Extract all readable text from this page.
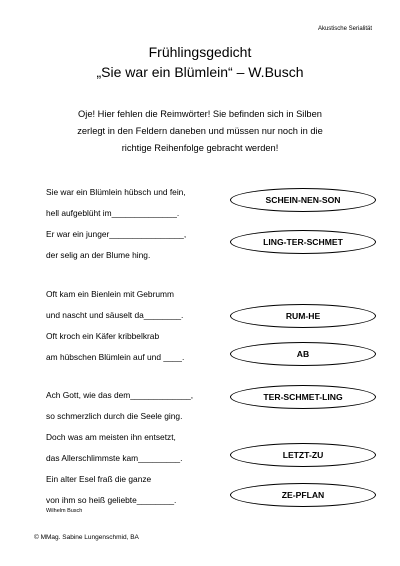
Akustische Serialität
Frühlingsgedicht
„Sie war ein Blümlein“ – W.Busch
Oje! Hier fehlen die Reimwörter! Sie befinden sich in Silben
zerlegt in den Feldern daneben und müssen nur noch in die
richtige Reihenfolge gebracht werden!
Sie war ein Blümlein hübsch und fein,
hell aufgeblüht im______________.
Er war ein junger________________,
der selig an der Blume hing.
Oft kam ein Bienlein mit Gebrumm
und nascht und säuselt da________.
Oft kroch ein Käfer kribbelkrab
am hübschen Blümlein auf und ____.
Ach Gott, wie das dem_____________,
so schmerzlich durch die Seele ging.
Doch was am meisten ihn entsetzt,
das Allerschlimmste kam_________.
Ein alter Esel fraß die ganze
von ihm so heiß geliebte________.
SCHEIN-NEN-SON
LING-TER-SCHMET
RUM-HE
AB
TER-SCHMET-LING
LETZT-ZU
ZE-PFLAN
Wilhelm Busch
© MMag. Sabine Lungenschmid, BA
